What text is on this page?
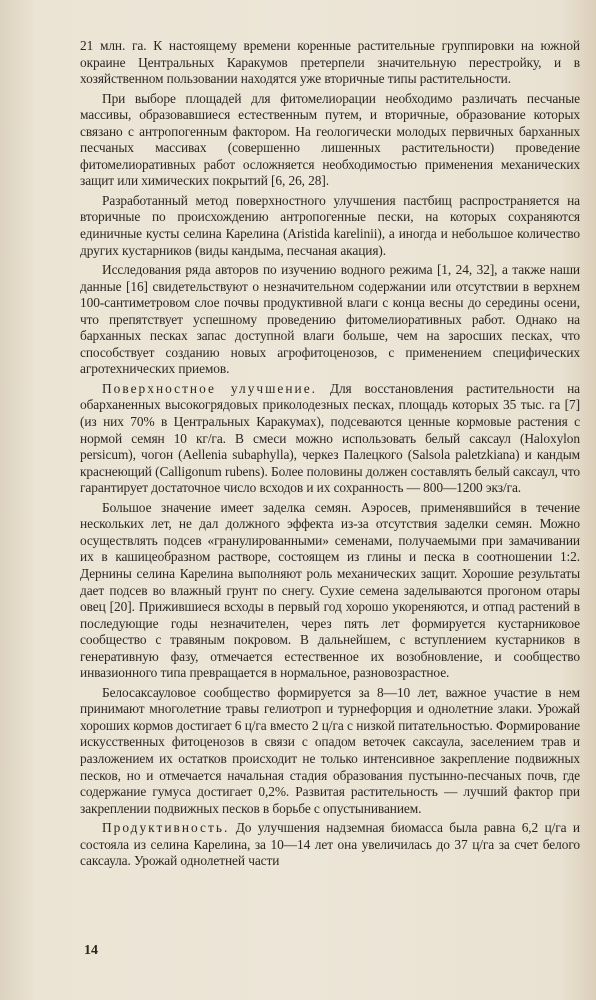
21 млн. га. К настоящему времени коренные растительные группировки на южной окраине Центральных Каракумов претерпели значительную перестройку, и в хозяйственном пользовании находятся уже вторичные типы растительности.

При выборе площадей для фитомелиорации необходимо различать песчаные массивы, образовавшиеся естественным путем, и вторичные, образование которых связано с антропогенным фактором. На геологически молодых первичных барханных песчаных массивах (совершенно лишенных растительности) проведение фитомелиоративных работ осложняется необходимостью применения механических защит или химических покрытий [6, 26, 28].

Разработанный метод поверхностного улучшения пастбищ распространяется на вторичные по происхождению антропогенные пески, на которых сохраняются единичные кусты селина Карелина (Aristida karelinii), а иногда и небольшое количество других кустарников (виды кандыма, песчаная акация).

Исследования ряда авторов по изучению водного режима [1, 24, 32], а также наши данные [16] свидетельствуют о незначительном содержании или отсутствии в верхнем 100-сантиметровом слое почвы продуктивной влаги с конца весны до середины осени, что препятствует успешному проведению фитомелиоративных работ. Однако на барханных песках запас доступной влаги больше, чем на заросших песках, что способствует созданию новых агрофитоценозов, с применением специфических агротехнических приемов.

Поверхностное улучшение. Для восстановления растительности на обарханенных высокогрядовых приколодезных песках, площадь которых 35 тыс. га [7] (из них 70% в Центральных Каракумах), подсеваются ценные кормовые растения с нормой семян 10 кг/га. В смеси можно использовать белый саксаул (Haloxylon persicum), чогон (Aellenia subaphylla), черкез Палецкого (Salsola paletzkiana) и кандым краснеющий (Calligonum rubens). Более половины должен составлять белый саксаул, что гарантирует достаточное число всходов и их сохранность — 800—1200 экз/га.

Большое значение имеет заделка семян. Аэросев, применявшийся в течение нескольких лет, не дал должного эффекта из-за отсутствия заделки семян. Можно осуществлять подсев «гранулированными» семенами, получаемыми при замачивании их в кашицеобразном растворе, состоящем из глины и песка в соотношении 1:2. Дернины селина Карелина выполняют роль механических защит. Хорошие результаты дает подсев во влажный грунт по снегу. Сухие семена заделываются прогоном отары овец [20]. Прижившиеся всходы в первый год хорошо укореняются, и отпад растений в последующие годы незначителен, через пять лет формируется кустарниковое сообщество с травяным покровом. В дальнейшем, с вступлением кустарников в генеративную фазу, отмечается естественное их возобновление, и сообщество инвазионного типа превращается в нормальное, разновозрастное.

Белосаксауловое сообщество формируется за 8—10 лет, важное участие в нем принимают многолетние травы гелиотроп и турнефорция и однолетние злаки. Урожай хороших кормов достигает 6 ц/га вместо 2 ц/га с низкой питательностью. Формирование искусственных фитоценозов в связи с опадом веточек саксаула, заселением трав и разложением их остатков происходит не только интенсивное закрепление подвижных песков, но и отмечается начальная стадия образования пустынно-песчаных почв, где содержание гумуса достигает 0,2%. Развитая растительность — лучший фактор при закреплении подвижных песков в борьбе с опустыниванием.

Продуктивность. До улучшения надземная биомасса была равна 6,2 ц/га и состояла из селина Карелина, за 10—14 лет она увеличилась до 37 ц/га за счет белого саксаула. Урожай однолетней части

14
